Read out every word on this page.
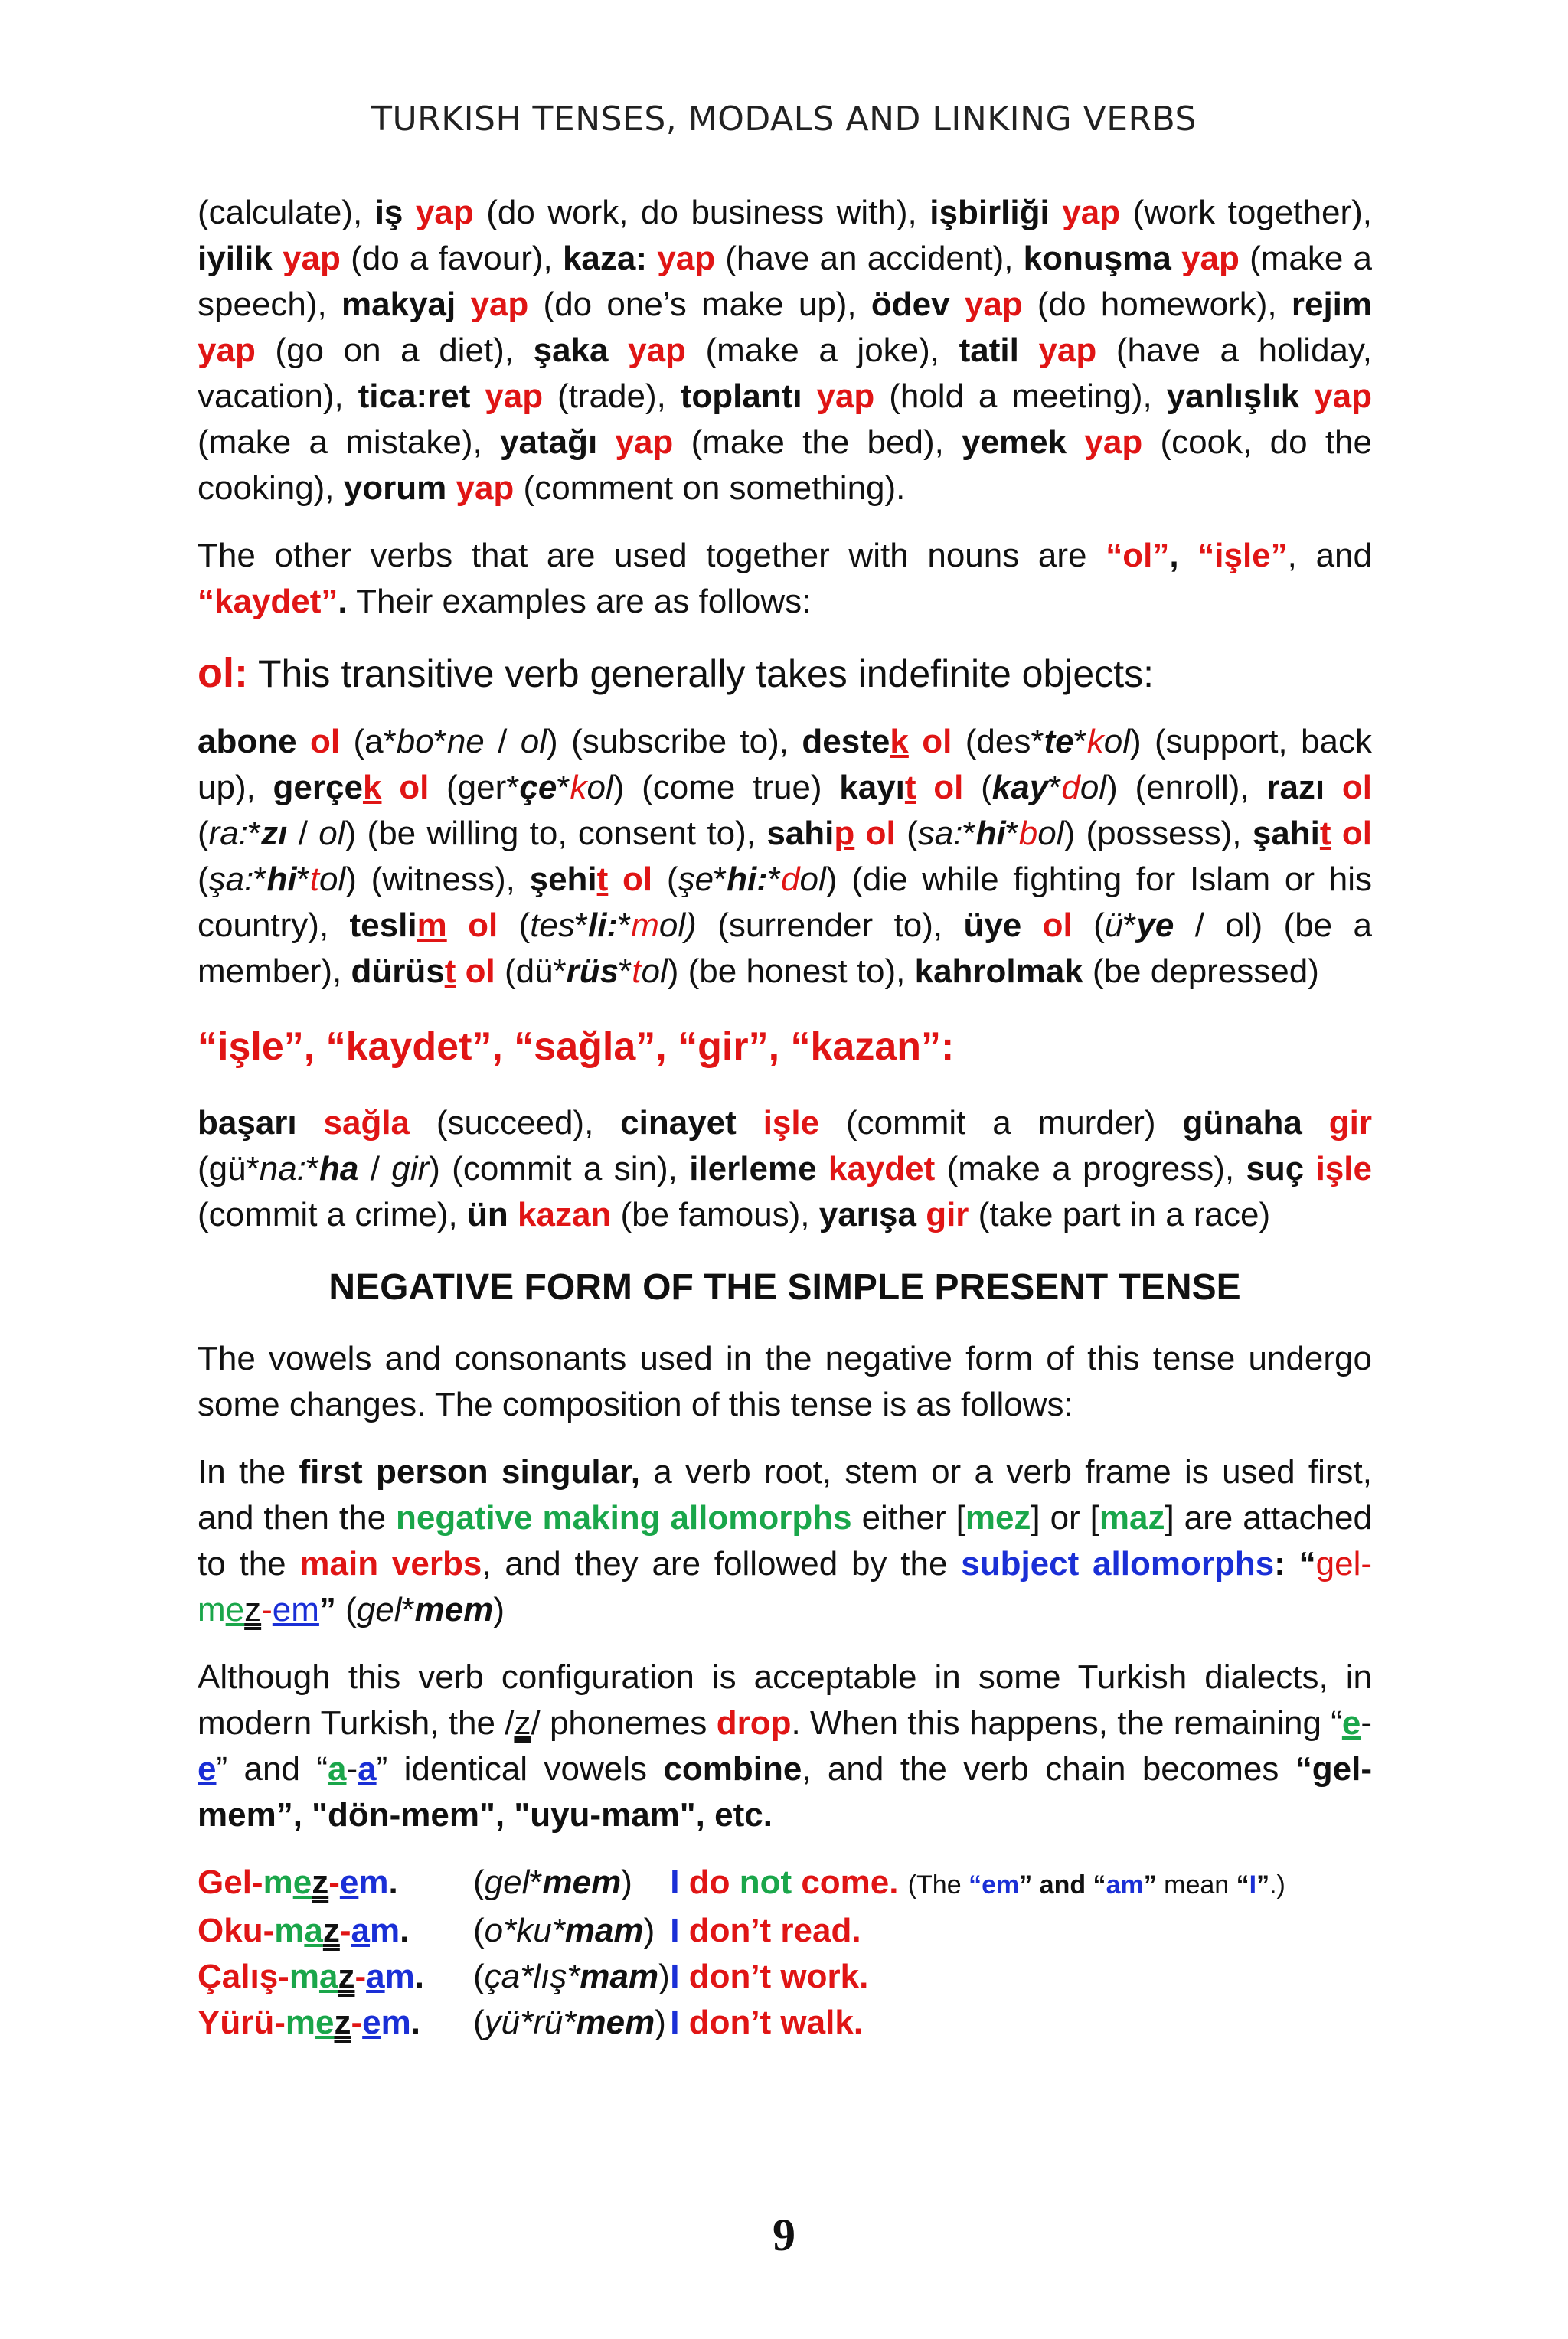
TURKISH TENSES, MODALS AND LINKING VERBS

(calculate), iş yap (do work, do business with), işbirliği yap (work together), iyilik yap (do a favour), kaza: yap (have an accident), konuşma yap (make a speech), makyaj yap (do one’s make up), ödev yap (do homework), rejim yap (go on a diet), şaka yap (make a joke), tatil yap (have a holiday, vacation), tica:ret yap (trade), toplantı yap (hold a meeting), yanlışlık yap (make a mistake), yatağı yap (make the bed), yemek yap (cook, do the cooking), yorum yap (comment on something).

The other verbs that are used together with nouns are “ol”, “işle”, and “kaydet”. Their examples are as follows:

ol: This transitive verb generally takes indefinite objects:

abone ol (a*bo*ne / ol) (subscribe to), destek ol (des*te*kol) (support, back up), gerçek ol (ger*çe*kol) (come true) kayıt ol (kay*dol) (enroll), razı ol (ra:*zı / ol) (be willing to, consent to), sahip ol (sa:*hi*bol) (possess), şahit ol (şa:*hi*tol) (witness), şehit ol (şe*hi:*dol) (die while fighting for Islam or his country), teslim ol (tes*li:*mol) (surrender to), üye ol (ü*ye / ol) (be a member), dürüst ol (dü*rüs*tol) (be honest to), kahrolmak (be depressed)

“işle”, “kaydet”, “sağla”, “gir”, “kazan”:

başarı sağla (succeed), cinayet işle (commit a murder) günaha gir (gü*na:*ha / gir) (commit a sin), ilerleme kaydet (make a progress), suç işle (commit a crime), ün kazan (be famous), yarışa gir (take part in a race)

NEGATIVE FORM OF THE SIMPLE PRESENT TENSE

The vowels and consonants used in the negative form of this tense undergo some changes. The composition of this tense is as follows:

In the first person singular, a verb root, stem or a verb frame is used first, and then the negative making allomorphs either [mez] or [maz] are attached to the main verbs, and they are followed by the subject allomorphs: “gel-mez-em” (gel*mem)

Although this verb configuration is acceptable in some Turkish dialects, in modern Turkish, the /z/ phonemes drop. When this happens, the remaining “e-e” and “a-a” identical vowels combine, and the verb chain becomes “gel-mem”, "dön-mem", "uyu-mam", etc.

Gel-mez-em. (gel*mem) I do not come. (The “em” and “am” mean “I”.)
Oku-maz-am. (o*ku*mam) I don’t read.
Çalış-maz-am. (ça*lış*mam) I don’t work.
Yürü-mez-em. (yü*rü*mem) I don’t walk.
9
